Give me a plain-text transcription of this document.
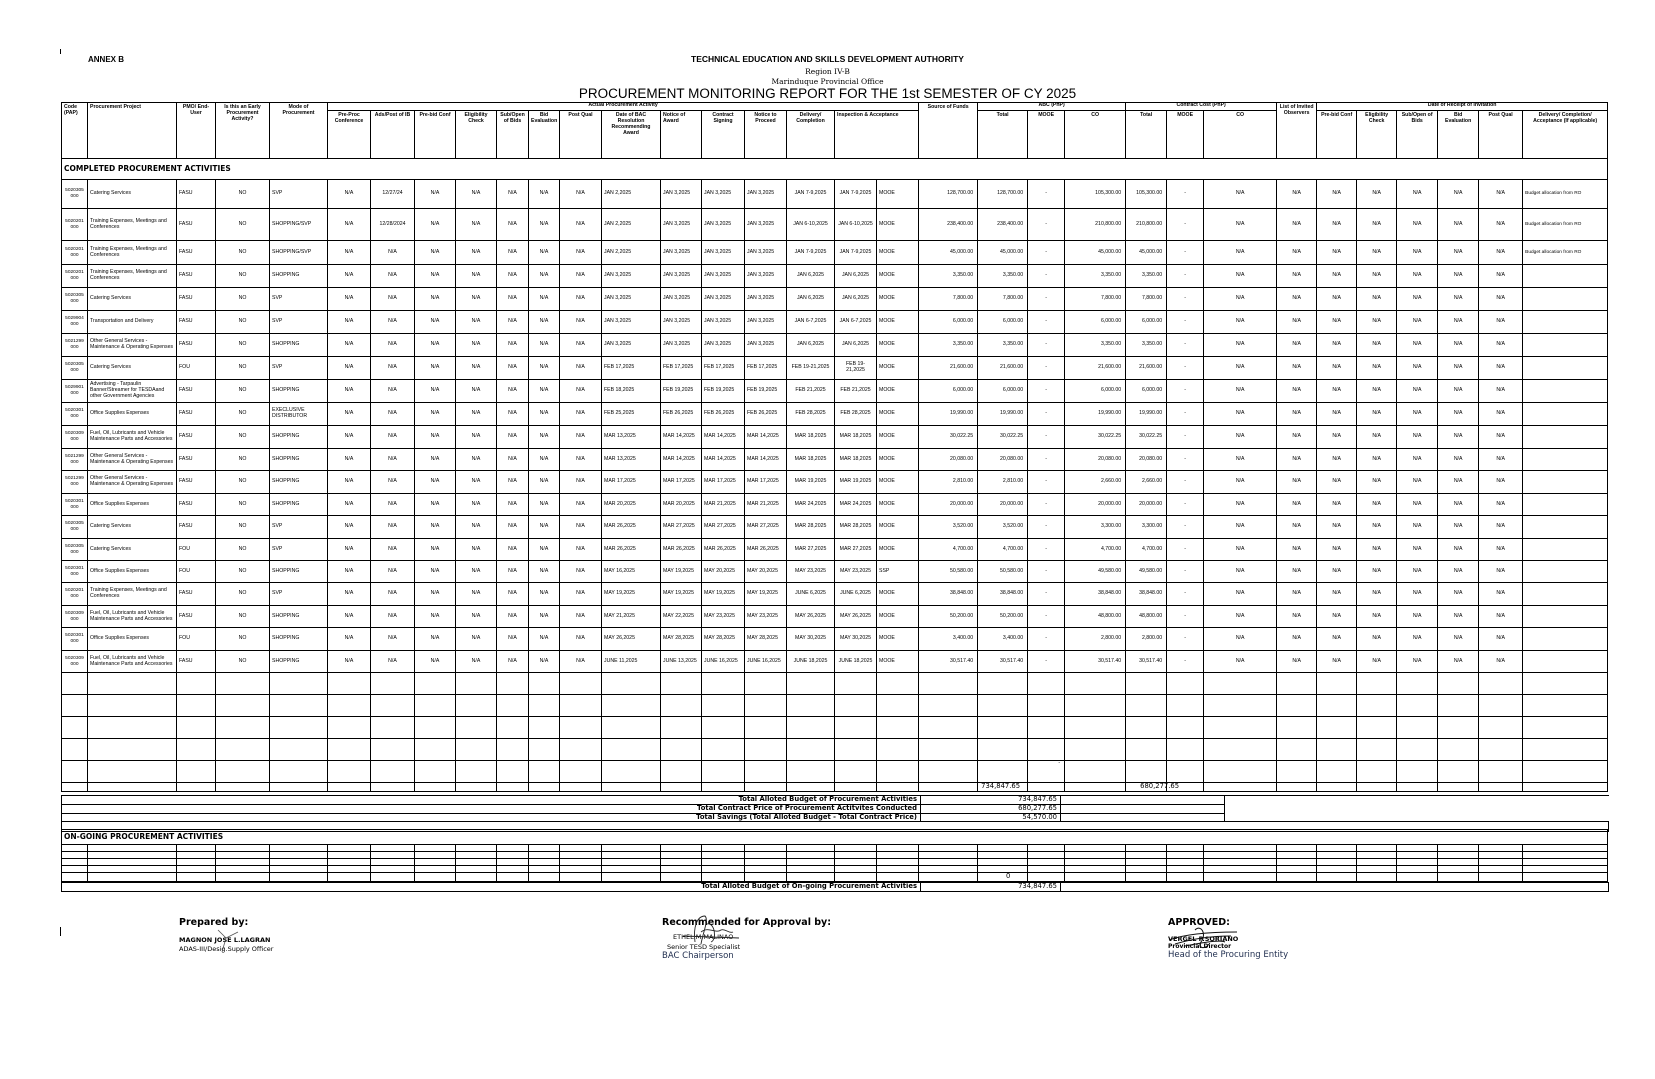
ANNEX B	TECHNICAL EDUCATION AND SKILLS DEVELOPMENT AUTHORITY
Region IV-B
Marinduque Provincial Office
PROCUREMENT MONITORING REPORT FOR THE 1st SEMESTER OF CY 2025
Code (PAP)	Procurement Project	PMO/ End-User	Is this an Early Procurement Activity?	Mode of Procurement	Actual Procurement Activity	Source of Funds	ABC (PhP)	Contract Cost (PhP)	List of Invited Observers	Date of Receipt of Invitation	
Pre-Proc Conference	Ads/Post of IB	Pre-bid Conf	Eligibility Check	Sub/Open of Bids	Bid Evaluation	Post Qual	Date of BAC Resolution Recommending Award	Notice of Award	Contract Signing	Notice to Proceed	Delivery/ Completion	Inspection & Acceptance	Total	MOOE	CO	Total	MOOE	CO	Pre-bid Conf	Eligibility Check	Sub/Open of Bids	Bid Evaluation	Post Qual	Delivery/ Completion/ Acceptance (If applicable)
COMPLETED PROCUREMENT ACTIVITIES
5020305 000	Catering Services	FASU	NO	SVP	N/A	12/27/24	N/A	N/A	N/A	N/A	N/A	JAN 2,2025	JAN 3,2025	JAN 3,2025	JAN 3,2025	JAN 7-9,2025	JAN 7-9,2025	MOOE	128,700.00	128,700.00	-	105,300.00	105,300.00	-	N/A	N/A	N/A	N/A	N/A	N/A	N/A	Budget allocation from RO
5020201 000	Training Expenses, Meetings and Conferences	FASU	NO	SHOPPING/SVP	N/A	12/28/2024	N/A	N/A	N/A	N/A	N/A	JAN 2,2025	JAN 3,2025	JAN 3,2025	JAN 3,2025	JAN 6-10,2025	JAN 6-10,2025	MOOE	238,400.00	238,400.00	-	210,800.00	210,800.00	-	N/A	N/A	N/A	N/A	N/A	N/A	N/A	Budget allocation from RO
5020201 000	Training Expenses, Meetings and Conferences	FASU	NO	SHOPPING/SVP	N/A	N/A	N/A	N/A	N/A	N/A	N/A	JAN 2,2025	JAN 3,2025	JAN 3,2025	JAN 3,2025	JAN 7-9,2025	JAN 7-9,2025	MOOE	45,000.00	45,000.00	-	45,000.00	45,000.00	-	N/A	N/A	N/A	N/A	N/A	N/A	N/A	Budget allocation from RO
5020201 000	Training Expenses, Meetings and Conferences	FASU	NO	SHOPPING	N/A	N/A	N/A	N/A	N/A	N/A	N/A	JAN 3,2025	JAN 3,2025	JAN 3,2025	JAN 3,2025	JAN 6,2025	JAN 6,2025	MOOE	3,350.00	3,350.00	-	3,350.00	3,350.00	-	N/A	N/A	N/A	N/A	N/A	N/A	N/A	
5020305 000	Catering Services	FASU	NO	SVP	N/A	N/A	N/A	N/A	N/A	N/A	N/A	JAN 3,2025	JAN 3,2025	JAN 3,2025	JAN 3,2025	JAN 6,2025	JAN 6,2025	MOOE	7,800.00	7,800.00	-	7,800.00	7,800.00	-	N/A	N/A	N/A	N/A	N/A	N/A	N/A	
5029904 000	Transportation and Delivery	FASU	NO	SVP	N/A	N/A	N/A	N/A	N/A	N/A	N/A	JAN 3,2025	JAN 3,2025	JAN 3,2025	JAN 3,2025	JAN 6-7,2025	JAN 6-7,2025	MOOE	6,000.00	6,000.00	-	6,000.00	6,000.00	-	N/A	N/A	N/A	N/A	N/A	N/A	N/A	
5021299 000	Other General Services - Maintenance & Operating Expenses	FASU	NO	SHOPPING	N/A	N/A	N/A	N/A	N/A	N/A	N/A	JAN 3,2025	JAN 3,2025	JAN 3,2025	JAN 3,2025	JAN 6,2025	JAN 6,2025	MOOE	3,350.00	3,350.00	-	3,350.00	3,350.00	-	N/A	N/A	N/A	N/A	N/A	N/A	N/A	
5020305 000	Catering Services	FOU	NO	SVP	N/A	N/A	N/A	N/A	N/A	N/A	N/A	FEB 17,2025	FEB 17,2025	FEB 17,2025	FEB 17,2025	FEB 19-21,2025	FEB 19-21,2025	MOOE	21,600.00	21,600.00	-	21,600.00	21,600.00	-	N/A	N/A	N/A	N/A	N/A	N/A	N/A	
5029901 000	Advertising - Tarpaulin Banner/Streamer for TESDAand other Government Agencies	FASU	NO	SHOPPING	N/A	N/A	N/A	N/A	N/A	N/A	N/A	FEB 18,2025	FEB 19,2025	FEB 19,2025	FEB 19,2025	FEB 21,2025	FEB 21,2025	MOOE	6,000.00	6,000.00	-	6,000.00	6,000.00	-	N/A	N/A	N/A	N/A	N/A	N/A	N/A	
5020301 000	Office Supplies Expenses	FASU	NO	EXECLUSIVE DISTRIBUTOR	N/A	N/A	N/A	N/A	N/A	N/A	N/A	FEB 25,2025	FEB 26,2025	FEB 26,2025	FEB 26,2025	FEB 28,2025	FEB 28,2025	MOOE	19,990.00	19,990.00	-	19,990.00	19,990.00	-	N/A	N/A	N/A	N/A	N/A	N/A	N/A	
5020309 000	Fuel, Oil, Lubricants and Vehicle Maintenance Parts and Accessories	FASU	NO	SHOPPING	N/A	N/A	N/A	N/A	N/A	N/A	N/A	MAR 13,2025	MAR 14,2025	MAR 14,2025	MAR 14,2025	MAR 18,2025	MAR 18,2025	MOOE	30,022.25	30,022.25	-	30,022.25	30,022.25	-	N/A	N/A	N/A	N/A	N/A	N/A	N/A	
5021299 000	Other General Services - Maintenance & Operating Expenses	FASU	NO	SHOPPING	N/A	N/A	N/A	N/A	N/A	N/A	N/A	MAR 13,2025	MAR 14,2025	MAR 14,2025	MAR 14,2025	MAR 18,2025	MAR 18,2025	MOOE	20,080.00	20,080.00	-	20,080.00	20,080.00	-	N/A	N/A	N/A	N/A	N/A	N/A	N/A	
5021299 000	Other General Services - Maintenance & Operating Expenses	FASU	NO	SHOPPING	N/A	N/A	N/A	N/A	N/A	N/A	N/A	MAR 17,2025	MAR 17,2025	MAR 17,2025	MAR 17,2025	MAR 19,2025	MAR 19,2025	MOOE	2,810.00	2,810.00	-	2,660.00	2,660.00	-	N/A	N/A	N/A	N/A	N/A	N/A	N/A	
5020301 000	Office Supplies Expenses	FASU	NO	SHOPPING	N/A	N/A	N/A	N/A	N/A	N/A	N/A	MAR 20,2025	MAR 20,2025	MAR 21,2025	MAR 21,2025	MAR 24,2025	MAR 24,2025	MOOE	20,000.00	20,000.00	-	20,000.00	20,000.00	-	N/A	N/A	N/A	N/A	N/A	N/A	N/A	
5020305 000	Catering Services	FASU	NO	SVP	N/A	N/A	N/A	N/A	N/A	N/A	N/A	MAR 26,2025	MAR 27,2025	MAR 27,2025	MAR 27,2025	MAR 28,2025	MAR 28,2025	MOOE	3,520.00	3,520.00	-	3,300.00	3,300.00	-	N/A	N/A	N/A	N/A	N/A	N/A	N/A	
5020305 000	Catering Services	FOU	NO	SVP	N/A	N/A	N/A	N/A	N/A	N/A	N/A	MAR 26,2025	MAR 26,2025	MAR 26,2025	MAR 26,2025	MAR 27,2025	MAR 27,2025	MOOE	4,700.00	4,700.00	-	4,700.00	4,700.00	-	N/A	N/A	N/A	N/A	N/A	N/A	N/A	
5020301 000	Office Supplies Expenses	FOU	NO	SHOPPING	N/A	N/A	N/A	N/A	N/A	N/A	N/A	MAY 16,2025	MAY 19,2025	MAY 20,2025	MAY 20,2025	MAY 23,2025	MAY 23,2025	SSP	50,580.00	50,580.00	-	49,580.00	49,580.00	-	N/A	N/A	N/A	N/A	N/A	N/A	N/A	
5020201 000	Training Expenses, Meetings and Conferences	FASU	NO	SVP	N/A	N/A	N/A	N/A	N/A	N/A	N/A	MAY 19,2025	MAY 19,2025	MAY 19,2025	MAY 19,2025	JUNE 6,2025	JUNE 6,2025	MOOE	38,848.00	38,848.00	-	38,848.00	38,848.00	-	N/A	N/A	N/A	N/A	N/A	N/A	N/A	
5020309 000	Fuel, Oil, Lubricants and Vehicle Maintenance Parts and Accessories	FASU	NO	SHOPPING	N/A	N/A	N/A	N/A	N/A	N/A	N/A	MAY 21,2025	MAY 22,2025	MAY 23,2025	MAY 23,2025	MAY 26,2025	MAY 26,2025	MOOE	50,200.00	50,200.00	-	48,800.00	48,800.00	-	N/A	N/A	N/A	N/A	N/A	N/A	N/A	
5020301 000	Office Supplies Expenses	FOU	NO	SHOPPING	N/A	N/A	N/A	N/A	N/A	N/A	N/A	MAY 26,2025	MAY 28,2025	MAY 28,2025	MAY 28,2025	MAY 30,2025	MAY 30,2025	MOOE	3,400.00	3,400.00	-	2,800.00	2,800.00	-	N/A	N/A	N/A	N/A	N/A	N/A	N/A	
5020309 000	Fuel, Oil, Lubricants and Vehicle Maintenance Parts and Accessories	FASU	NO	SHOPPING	N/A	N/A	N/A	N/A	N/A	N/A	N/A	JUNE 11,2025	JUNE 13,2025	JUNE 16,2025	JUNE 16,2025	JUNE 18,2025	JUNE 18,2025	MOOE	30,517.40	30,517.40	-	30,517.40	30,517.40	-	N/A	N/A	N/A	N/A	N/A	N/A	N/A	

																					-											
																				734,847.65			680,277.65									
Total Alloted Budget of Procurement Activities	734,847.65		
Total Contract Price of Procurement Actitvites Conducted	680,277.65		
Total Savings (Total Alloted Budget - Total Contract Price)	54,570.00		

ON-GOING PROCUREMENT ACTIVITIES

																				0												
Total Alloted Budget of On-going Procurement Activities	734,847.65	
Prepared by:
MAGNON JOSE L.LAGRAN
ADAS-III/Desig.Supply Officer
Recommended for Approval by:
ETHEL M.MALINAO
Senior TESD Specialist
BAC Chairperson
APPROVED:
VERGEL P.SORIANO
Provincial Director
Head of the Procuring Entity
